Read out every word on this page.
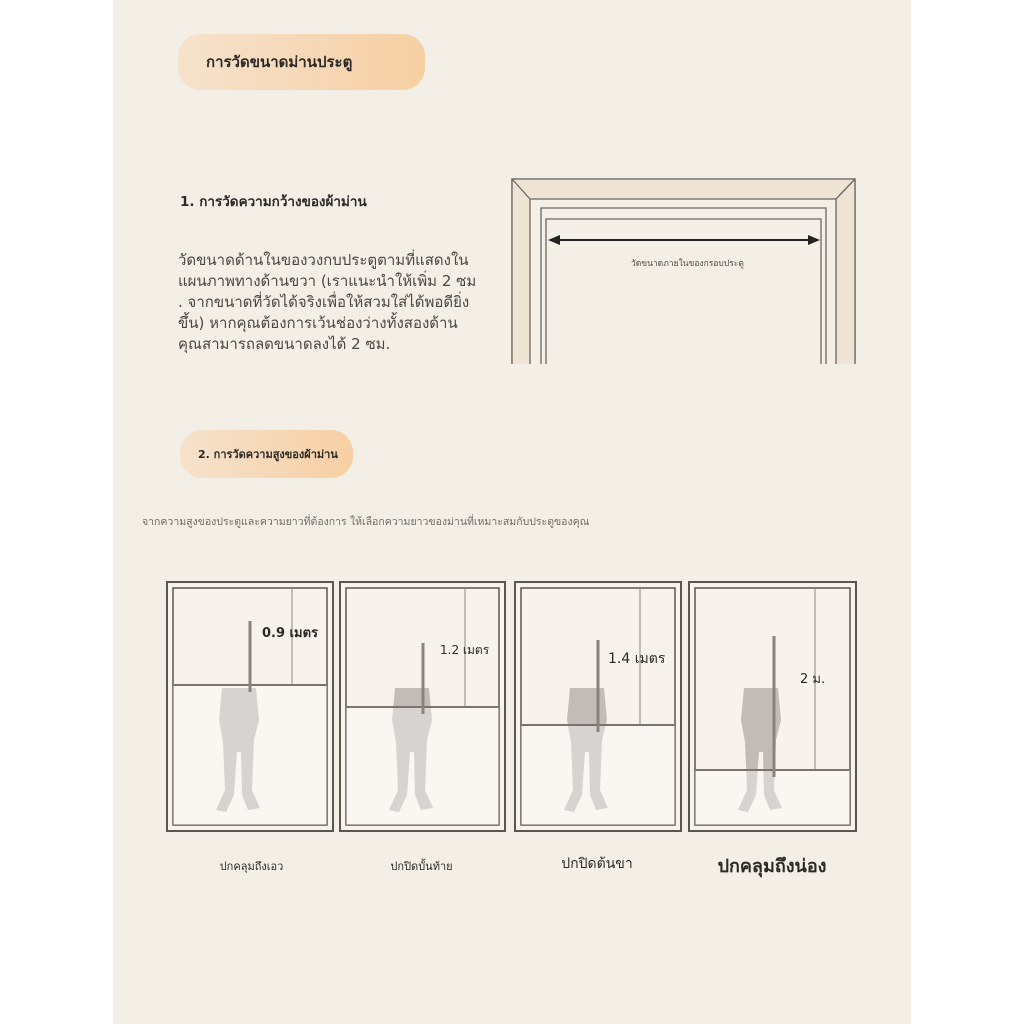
การวัดขนาดม่านประตู
1. การวัดความกว้างของผ้าม่าน
วัดขนาดด้านในของวงกบประตูตามที่แสดงใน
แผนภาพทางด้านขวา (เราแนะนำให้เพิ่ม 2 ซม
. จากขนาดที่วัดได้จริงเพื่อให้สวมใส่ได้พอดียิ่ง
ขึ้น) หากคุณต้องการเว้นช่องว่างทั้งสองด้าน
คุณสามารถลดขนาดลงได้ 2 ซม.
วัดขนาดภายในของกรอบประตู
2. การวัดความสูงของผ้าม่าน
จากความสูงของประตูและความยาวที่ต้องการ ให้เลือกความยาวของม่านที่เหมาะสมกับประตูของคุณ
0.9 เมตร
1.2 เมตร
1.4 เมตร
2 ม.
ปกคลุมถึงเอว	ปกปิดบั้นท้าย	ปกปิดต้นขา	ปกคลุมถึงน่อง
